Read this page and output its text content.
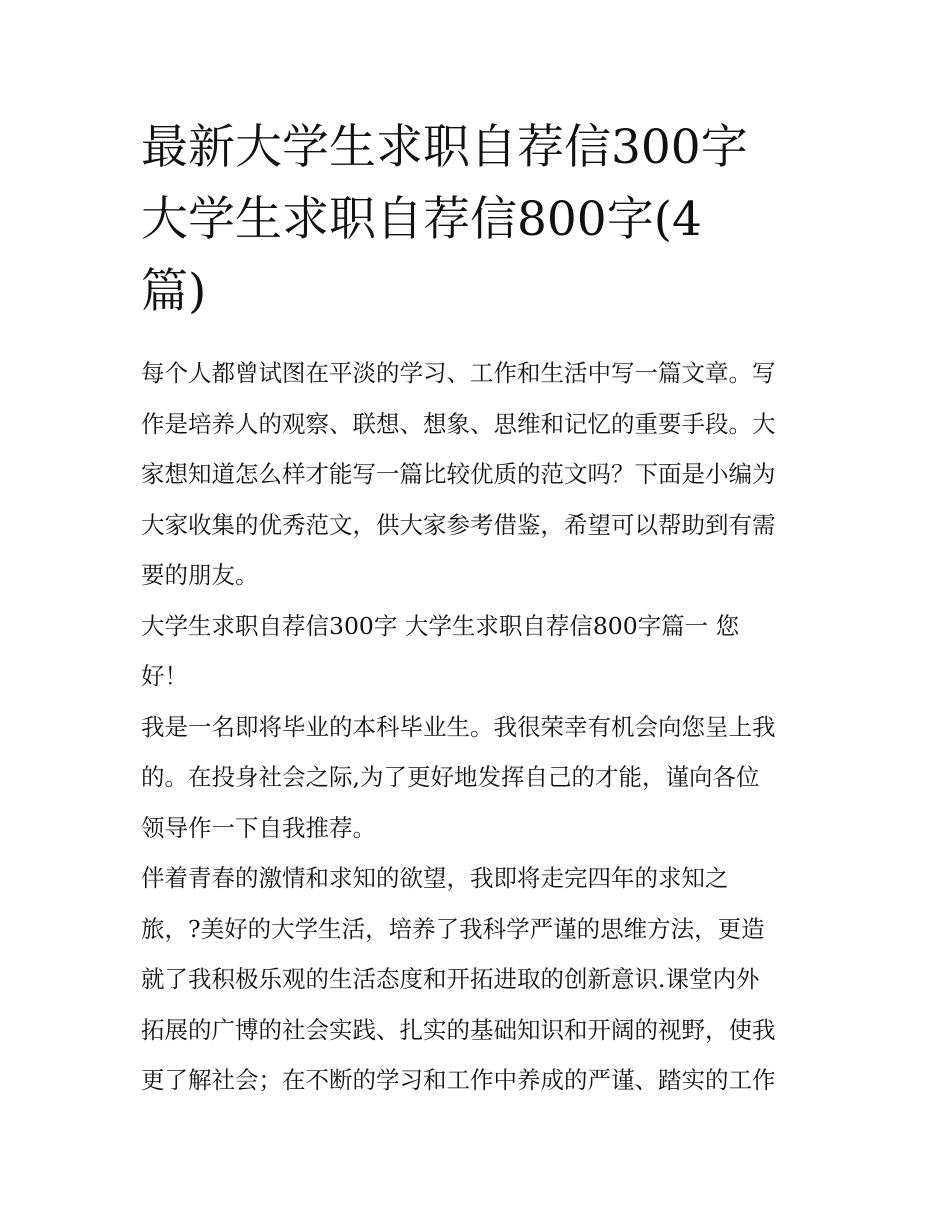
最新大学生求职自荐信300字
大学生求职自荐信800字(4
篇)
每个人都曾试图在平淡的学习、工作和生活中写一篇文章。写
作是培养人的观察、联想、想象、思维和记忆的重要手段。大
家想知道怎么样才能写一篇比较优质的范文吗？下面是小编为
大家收集的优秀范文，供大家参考借鉴，希望可以帮助到有需
要的朋友。
大学生求职自荐信300字 大学生求职自荐信800字篇一 您
好！
我是一名即将毕业的本科毕业生。我很荣幸有机会向您呈上我
的。在投身社会之际,为了更好地发挥自己的才能，谨向各位
领导作一下自我推荐。
伴着青春的激情和求知的欲望，我即将走完四年的求知之
旅，?美好的大学生活，培养了我科学严谨的思维方法，更造
就了我积极乐观的生活态度和开拓进取的创新意识.课堂内外
拓展的广博的社会实践、扎实的基础知识和开阔的视野，使我
更了解社会；在不断的学习和工作中养成的严谨、踏实的工作
